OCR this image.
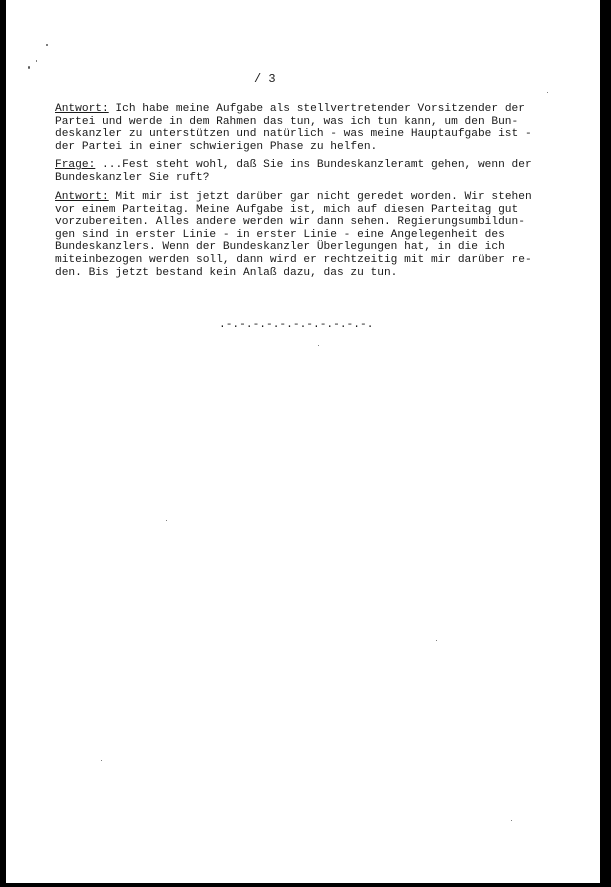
/ 3
Antwort: Ich habe meine Aufgabe als stellvertretender Vorsitzender der
Partei und werde in dem Rahmen das tun, was ich tun kann, um den Bun-
deskanzler zu unterstützen und natürlich - was meine Hauptaufgabe ist -
der Partei in einer schwierigen Phase zu helfen.
Frage: ...Fest steht wohl, daß Sie ins Bundeskanzleramt gehen, wenn der
Bundeskanzler Sie ruft?
Antwort: Mit mir ist jetzt darüber gar nicht geredet worden. Wir stehen
vor einem Parteitag. Meine Aufgabe ist, mich auf diesen Parteitag gut
vorzubereiten. Alles andere werden wir dann sehen. Regierungsumbildun-
gen sind in erster Linie - in erster Linie - eine Angelegenheit des
Bundeskanzlers. Wenn der Bundeskanzler Überlegungen hat, in die ich
miteinbezogen werden soll, dann wird er rechtzeitig mit mir darüber re-
den. Bis jetzt bestand kein Anlaß dazu, das zu tun.
.-.-.-.-.-.-.-.-.-.-.-.
